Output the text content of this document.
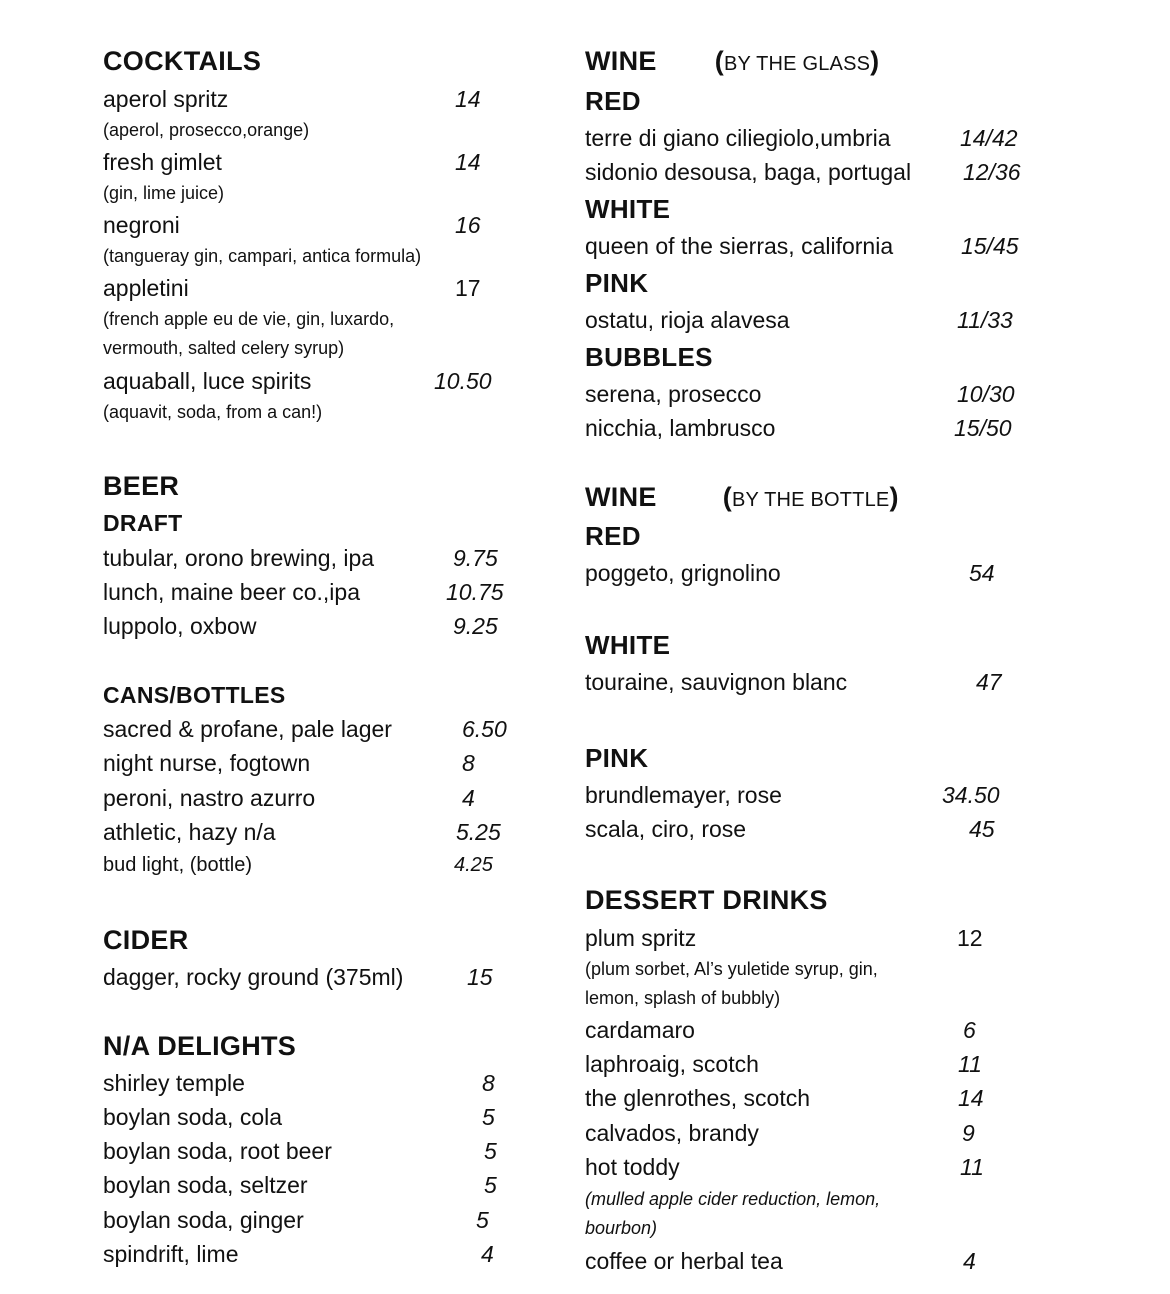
COCKTAILS
aperol spritz	14
(aperol, prosecco,orange)
fresh gimlet	14
(gin, lime juice)
negroni	16
(tangueray gin, campari, antica formula)
appletini	17
(french apple eu de vie, gin, luxardo,
vermouth, salted celery syrup)
aquaball, luce spirits	10.50
(aquavit, soda, from a can!)
BEER
DRAFT
tubular, orono brewing, ipa	9.75
lunch, maine beer co.,ipa	10.75
luppolo, oxbow	9.25
CANS/BOTTLES
sacred & profane, pale lager	6.50
night nurse, fogtown	8
peroni, nastro azurro	4
athletic, hazy n/a	5.25
bud light, (bottle)	4.25
CIDER
dagger, rocky ground (375ml)	15
N/A DELIGHTS
shirley temple	8
boylan soda, cola	5
boylan soda, root beer	5
boylan soda, seltzer	5
boylan soda, ginger	5
spindrift, lime	4
WINE (BY THE GLASS)
RED
terre di giano ciliegiolo,umbria	14/42
sidonio desousa, baga, portugal 12/36
WHITE
queen of the sierras, california	15/45
PINK
ostatu, rioja alavesa	11/33
BUBBLES
serena, prosecco	10/30
nicchia, lambrusco	15/50
WINE (BY THE BOTTLE)
RED
poggeto, grignolino	54
WHITE
touraine, sauvignon blanc	47
PINK
brundlemayer, rose	34.50
scala, ciro, rose	45
DESSERT DRINKS
plum spritz	12
(plum sorbet, Al’s yuletide syrup, gin,
lemon, splash of bubbly)
cardamaro	6
laphroaig, scotch	11
the glenrothes, scotch	14
calvados, brandy	9
hot toddy	11
(mulled apple cider reduction, lemon,
bourbon)
coffee or herbal tea	4
